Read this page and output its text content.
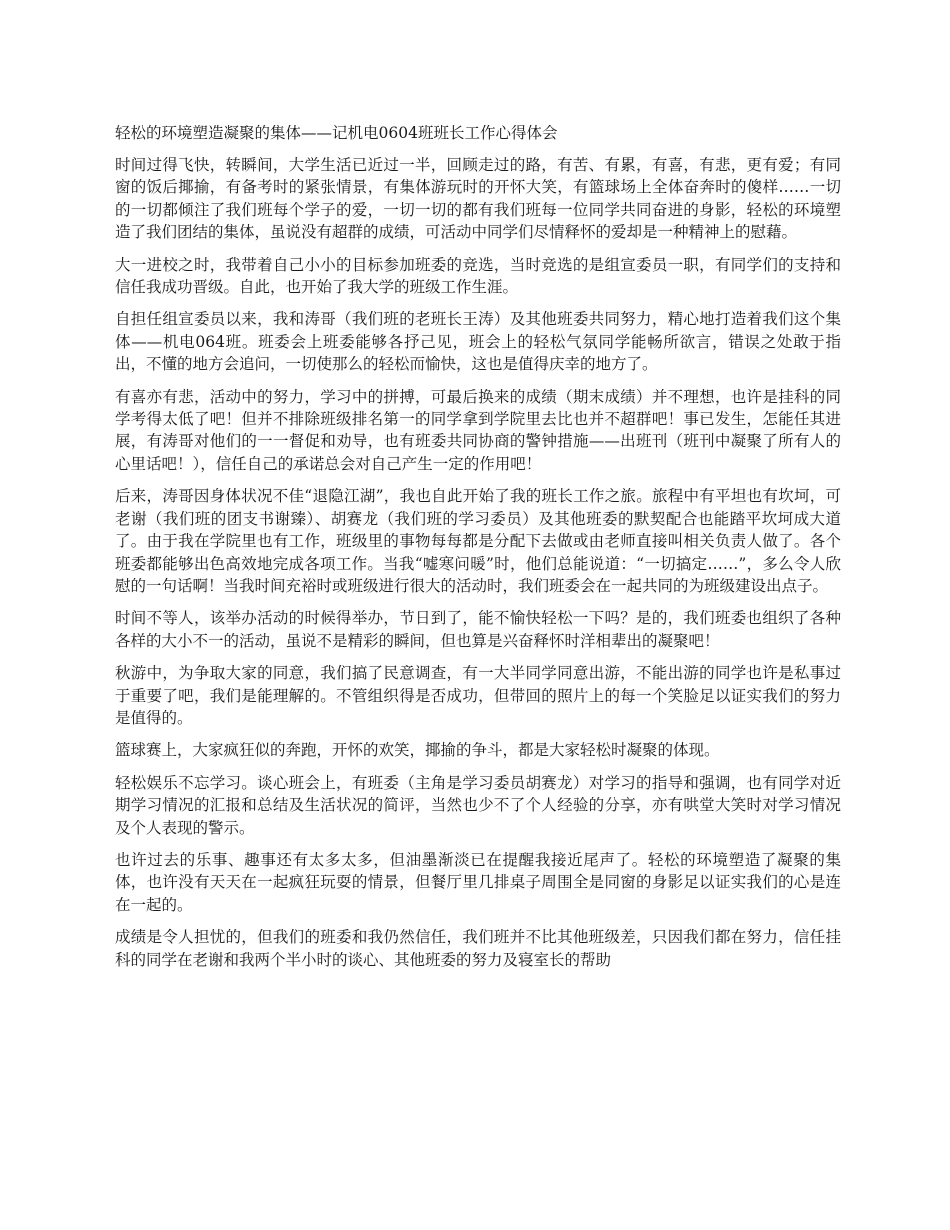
轻松的环境塑造凝聚的集体——记机电0604班班长工作心得体会

时间过得飞快，转瞬间，大学生活已近过一半，回顾走过的路，有苦、有累，有喜，有悲，更有爱；有同窗的饭后揶揄，有备考时的紧张情景，有集体游玩时的开怀大笑，有篮球场上全体奋奔时的傻样……一切的一切都倾注了我们班每个学子的爱，一切一切的都有我们班每一位同学共同奋进的身影，轻松的环境塑造了我们团结的集体，虽说没有超群的成绩，可活动中同学们尽情释怀的爱却是一种精神上的慰藉。

大一进校之时，我带着自己小小的目标参加班委的竞选，当时竞选的是组宣委员一职，有同学们的支持和信任我成功晋级。自此，也开始了我大学的班级工作生涯。

自担任组宣委员以来，我和涛哥（我们班的老班长王涛）及其他班委共同努力，精心地打造着我们这个集体——机电064班。班委会上班委能够各抒己见，班会上的轻松气氛同学能畅所欲言，错误之处敢于指出，不懂的地方会追问，一切使那么的轻松而愉快，这也是值得庆幸的地方了。

有喜亦有悲，活动中的努力，学习中的拼搏，可最后换来的成绩（期末成绩）并不理想，也许是挂科的同学考得太低了吧！但并不排除班级排名第一的同学拿到学院里去比也并不超群吧！事已发生，怎能任其进展，有涛哥对他们的一一督促和劝导，也有班委共同协商的警钟措施——出班刊（班刊中凝聚了所有人的心里话吧！），信任自己的承诺总会对自己产生一定的作用吧！

后来，涛哥因身体状况不佳“退隐江湖”，我也自此开始了我的班长工作之旅。旅程中有平坦也有坎坷，可老谢（我们班的团支书谢臻）、胡赛龙（我们班的学习委员）及其他班委的默契配合也能踏平坎坷成大道了。由于我在学院里也有工作，班级里的事物每每都是分配下去做或由老师直接叫相关负责人做了。各个班委都能够出色高效地完成各项工作。当我“嘘寒问暖”时，他们总能说道：“一切搞定……”，多么令人欣慰的一句话啊！当我时间充裕时或班级进行很大的活动时，我们班委会在一起共同的为班级建设出点子。

时间不等人，该举办活动的时候得举办，节日到了，能不愉快轻松一下吗？是的，我们班委也组织了各种各样的大小不一的活动，虽说不是精彩的瞬间，但也算是兴奋释怀时洋相辈出的凝聚吧！

秋游中，为争取大家的同意，我们搞了民意调查，有一大半同学同意出游，不能出游的同学也许是私事过于重要了吧，我们是能理解的。不管组织得是否成功，但带回的照片上的每一个笑脸足以证实我们的努力是值得的。

篮球赛上，大家疯狂似的奔跑，开怀的欢笑，揶揄的争斗，都是大家轻松时凝聚的体现。

轻松娱乐不忘学习。谈心班会上，有班委（主角是学习委员胡赛龙）对学习的指导和强调，也有同学对近期学习情况的汇报和总结及生活状况的简评，当然也少不了个人经验的分享，亦有哄堂大笑时对学习情况及个人表现的警示。

也许过去的乐事、趣事还有太多太多，但油墨渐淡已在提醒我接近尾声了。轻松的环境塑造了凝聚的集体，也许没有天天在一起疯狂玩耍的情景，但餐厅里几排桌子周围全是同窗的身影足以证实我们的心是连在一起的。

成绩是令人担忧的，但我们的班委和我仍然信任，我们班并不比其他班级差，只因我们都在努力，信任挂科的同学在老谢和我两个半小时的谈心、其他班委的努力及寝室长的帮助
